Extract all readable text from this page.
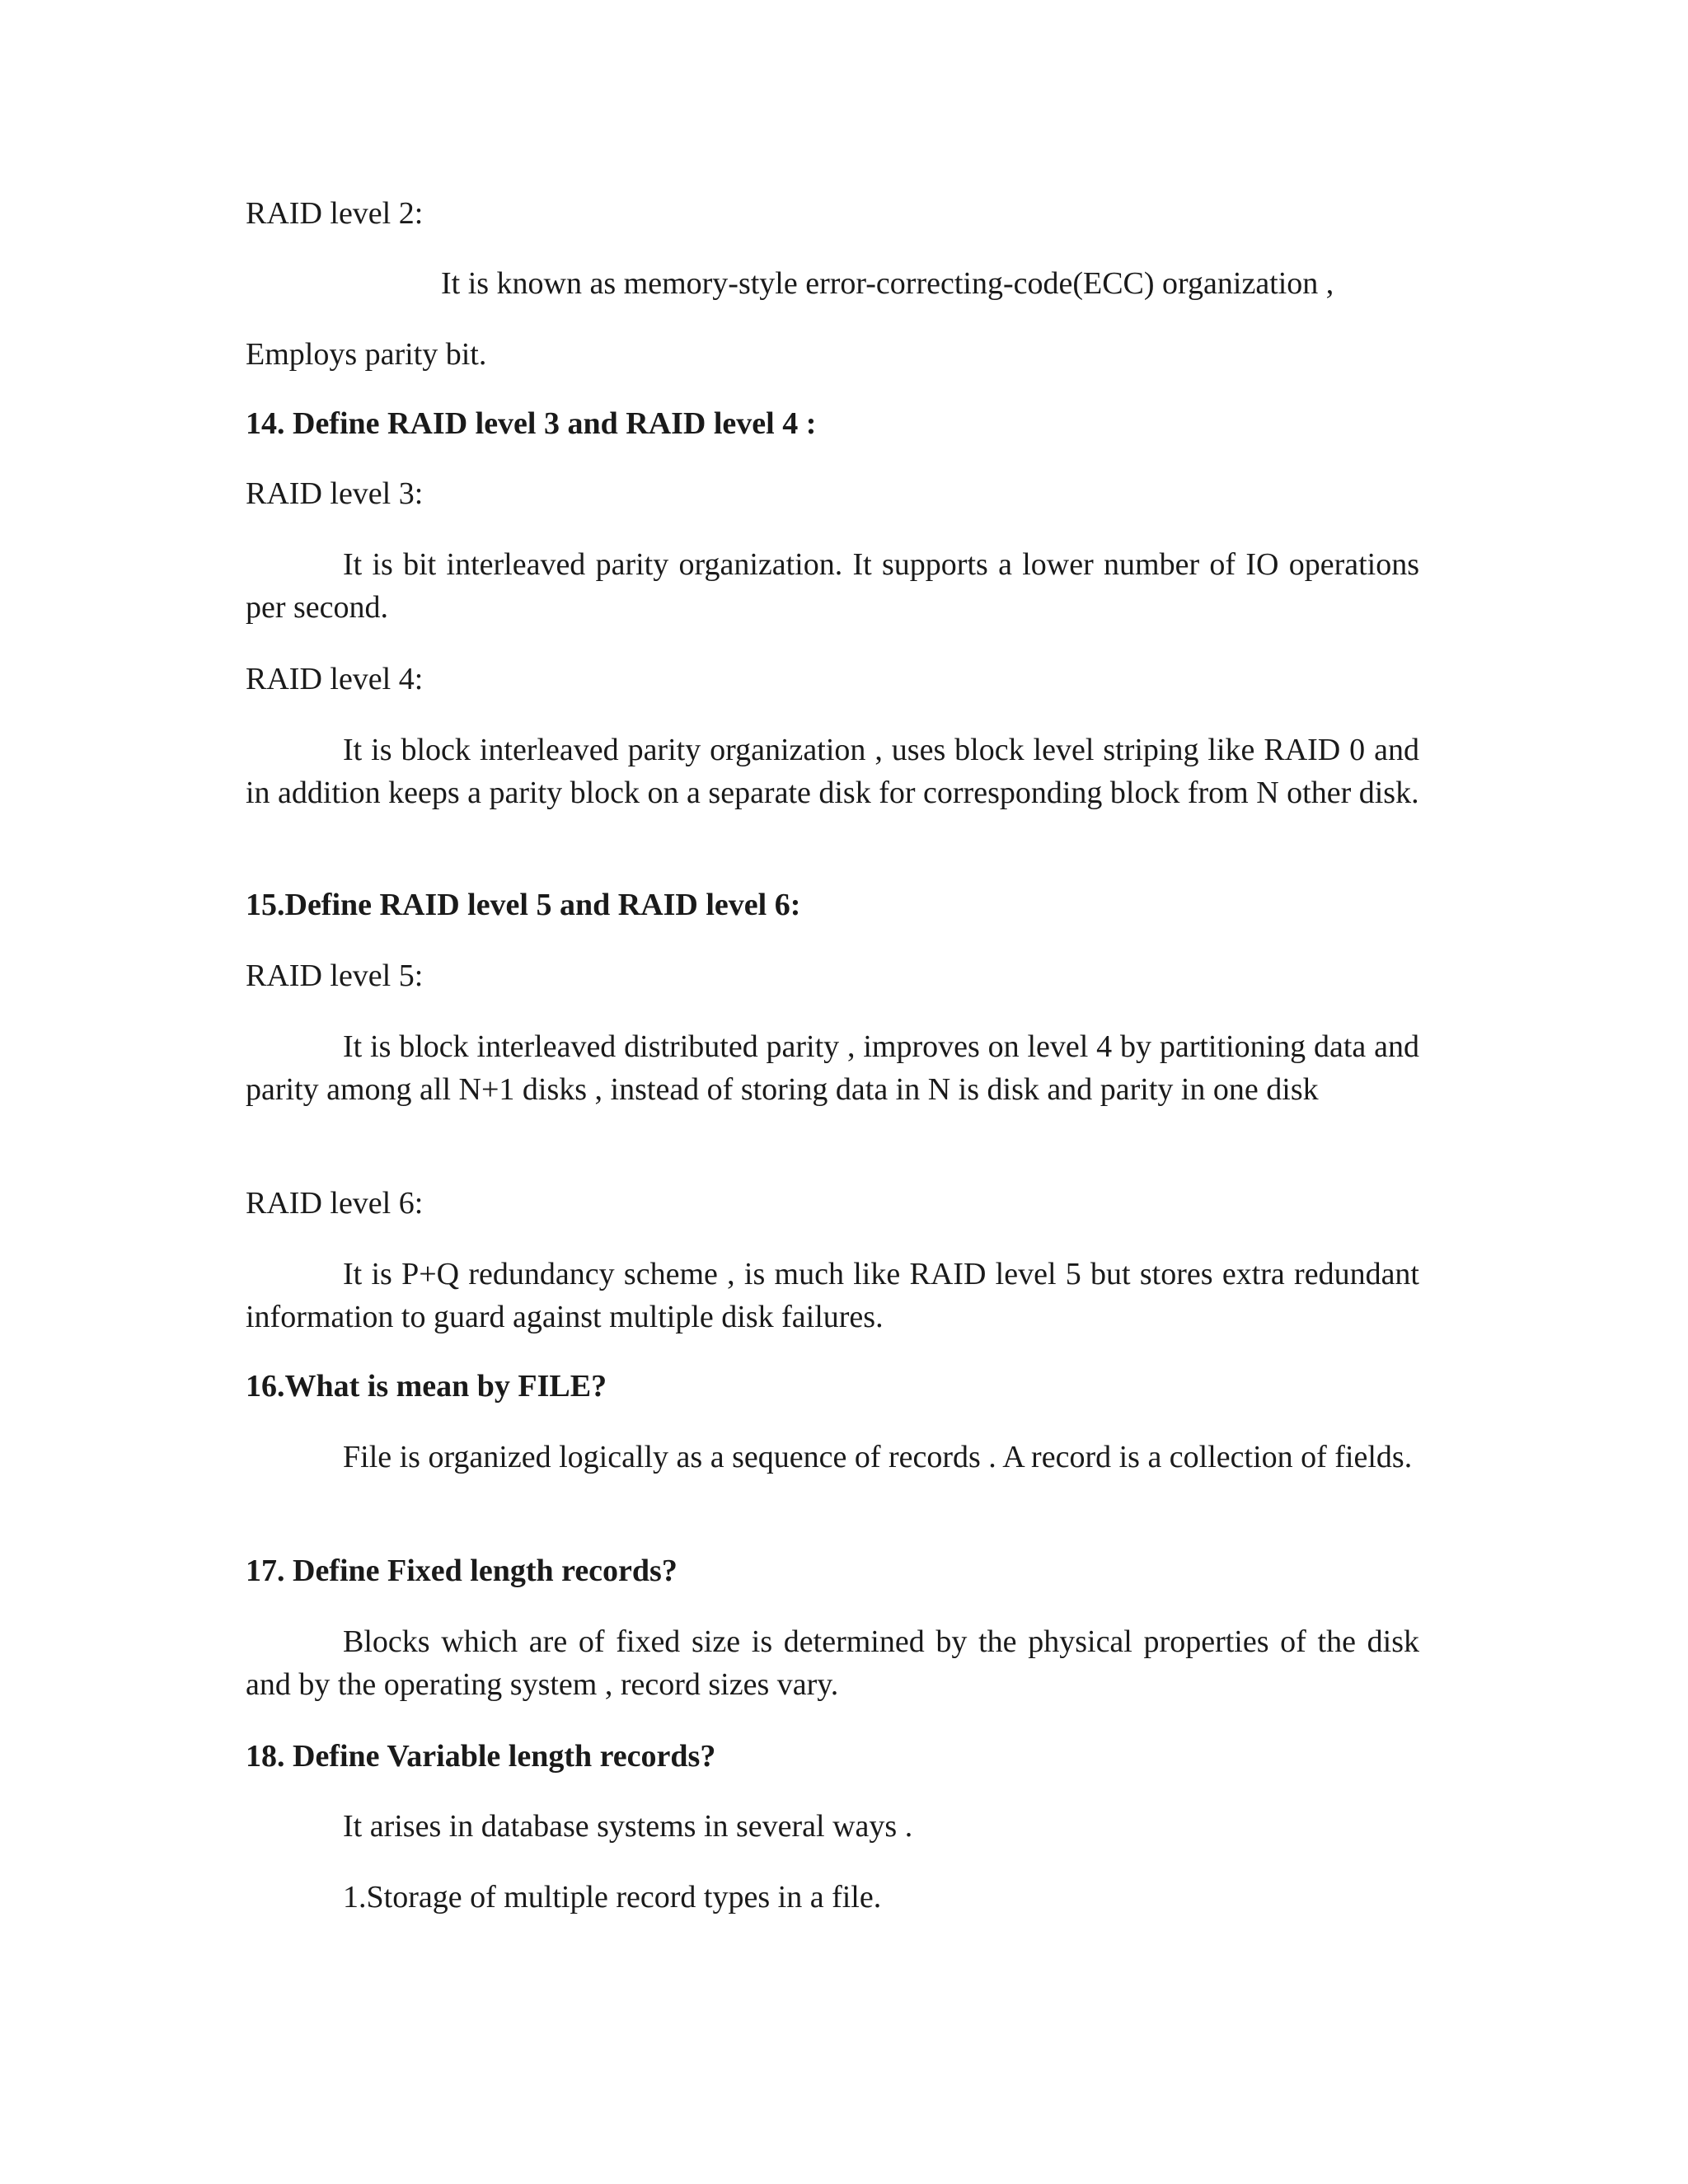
RAID level 2:
It is known as memory-style error-correcting-code(ECC) organization ,
Employs parity bit.
14. Define RAID level 3 and RAID level 4 :
RAID level 3:
It is bit interleaved parity organization. It supports a lower number of IO operations per second.
RAID level 4:
It is block interleaved parity organization , uses block level striping like RAID 0 and in addition keeps a parity block on a separate disk for corresponding block from N other disk.
15.Define RAID level 5 and RAID level 6:
RAID level 5:
It is block interleaved distributed parity , improves on level 4 by partitioning data and parity among all N+1 disks , instead of storing data in N is disk and parity in one disk
RAID level 6:
It is P+Q redundancy scheme , is much like RAID level 5 but stores extra redundant information to guard against multiple disk failures.
16.What is mean by FILE?
File is organized logically as a sequence of records . A record is a collection of fields.
17. Define Fixed length records?
Blocks which are of fixed size is determined by the physical properties of the disk and by the operating system , record sizes vary.
18. Define Variable length records?
It arises in database systems in several ways .
1.Storage of multiple record types in a file.
